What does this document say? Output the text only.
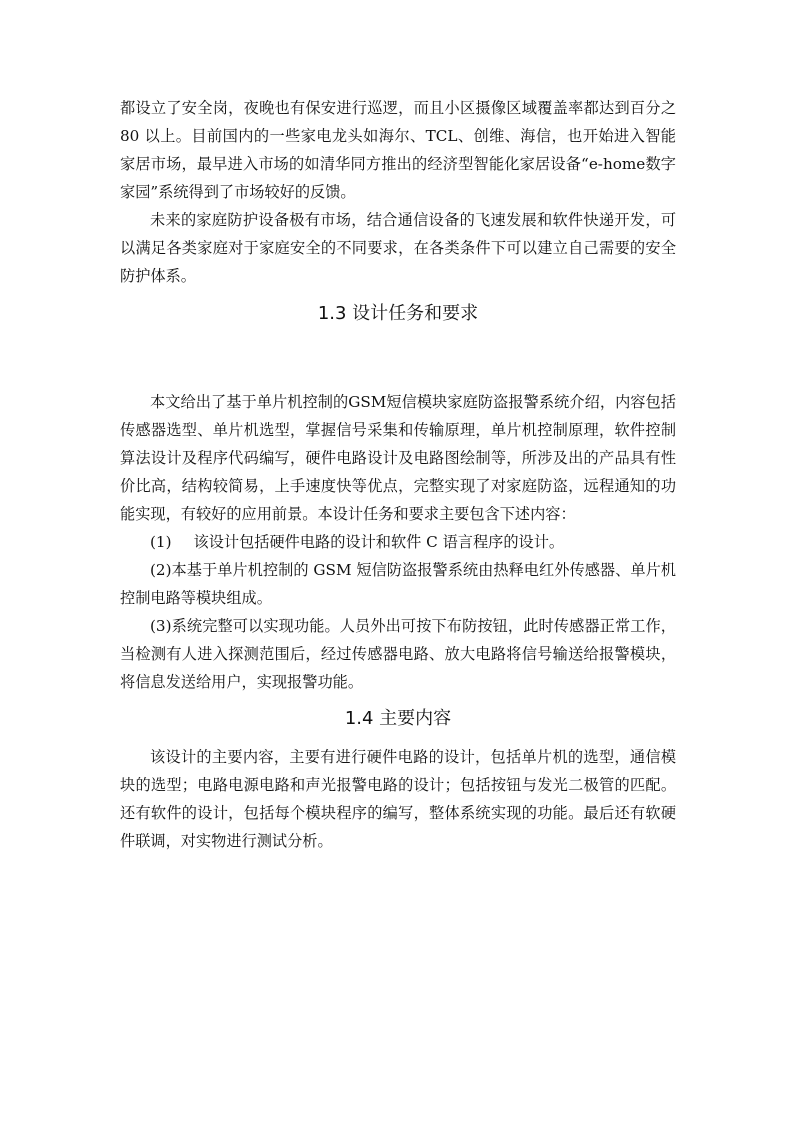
都设立了安全岗，夜晚也有保安进行巡逻，而且小区摄像区域覆盖率都达到百分之 80 以上。目前国内的一些家电龙头如海尔、TCL、创维、海信，也开始进入智能家居市场，最早进入市场的如清华同方推出的经济型智能化家居设备“e-home数字家园”系统得到了市场较好的反馈。

未来的家庭防护设备极有市场，结合通信设备的飞速发展和软件快递开发，可以满足各类家庭对于家庭安全的不同要求，在各类条件下可以建立自己需要的安全防护体系。

1.3 设计任务和要求

本文给出了基于单片机控制的GSM短信模块家庭防盗报警系统介绍，内容包括传感器选型、单片机选型，掌握信号采集和传输原理，单片机控制原理，软件控制算法设计及程序代码编写，硬件电路设计及电路图绘制等，所涉及出的产品具有性价比高，结构较简易，上手速度快等优点，完整实现了对家庭防盗，远程通知的功能实现，有较好的应用前景。本设计任务和要求主要包含下述内容：

(1) 该设计包括硬件电路的设计和软件 C 语言程序的设计。

(2)本基于单片机控制的 GSM 短信防盗报警系统由热释电红外传感器、单片机控制电路等模块组成。

(3)系统完整可以实现功能。人员外出可按下布防按钮，此时传感器正常工作，当检测有人进入探测范围后，经过传感器电路、放大电路将信号输送给报警模块，将信息发送给用户，实现报警功能。

1.4 主要内容

该设计的主要内容，主要有进行硬件电路的设计，包括单片机的选型，通信模块的选型；电路电源电路和声光报警电路的设计；包括按钮与发光二极管的匹配。还有软件的设计，包括每个模块程序的编写，整体系统实现的功能。最后还有软硬件联调，对实物进行测试分析。
